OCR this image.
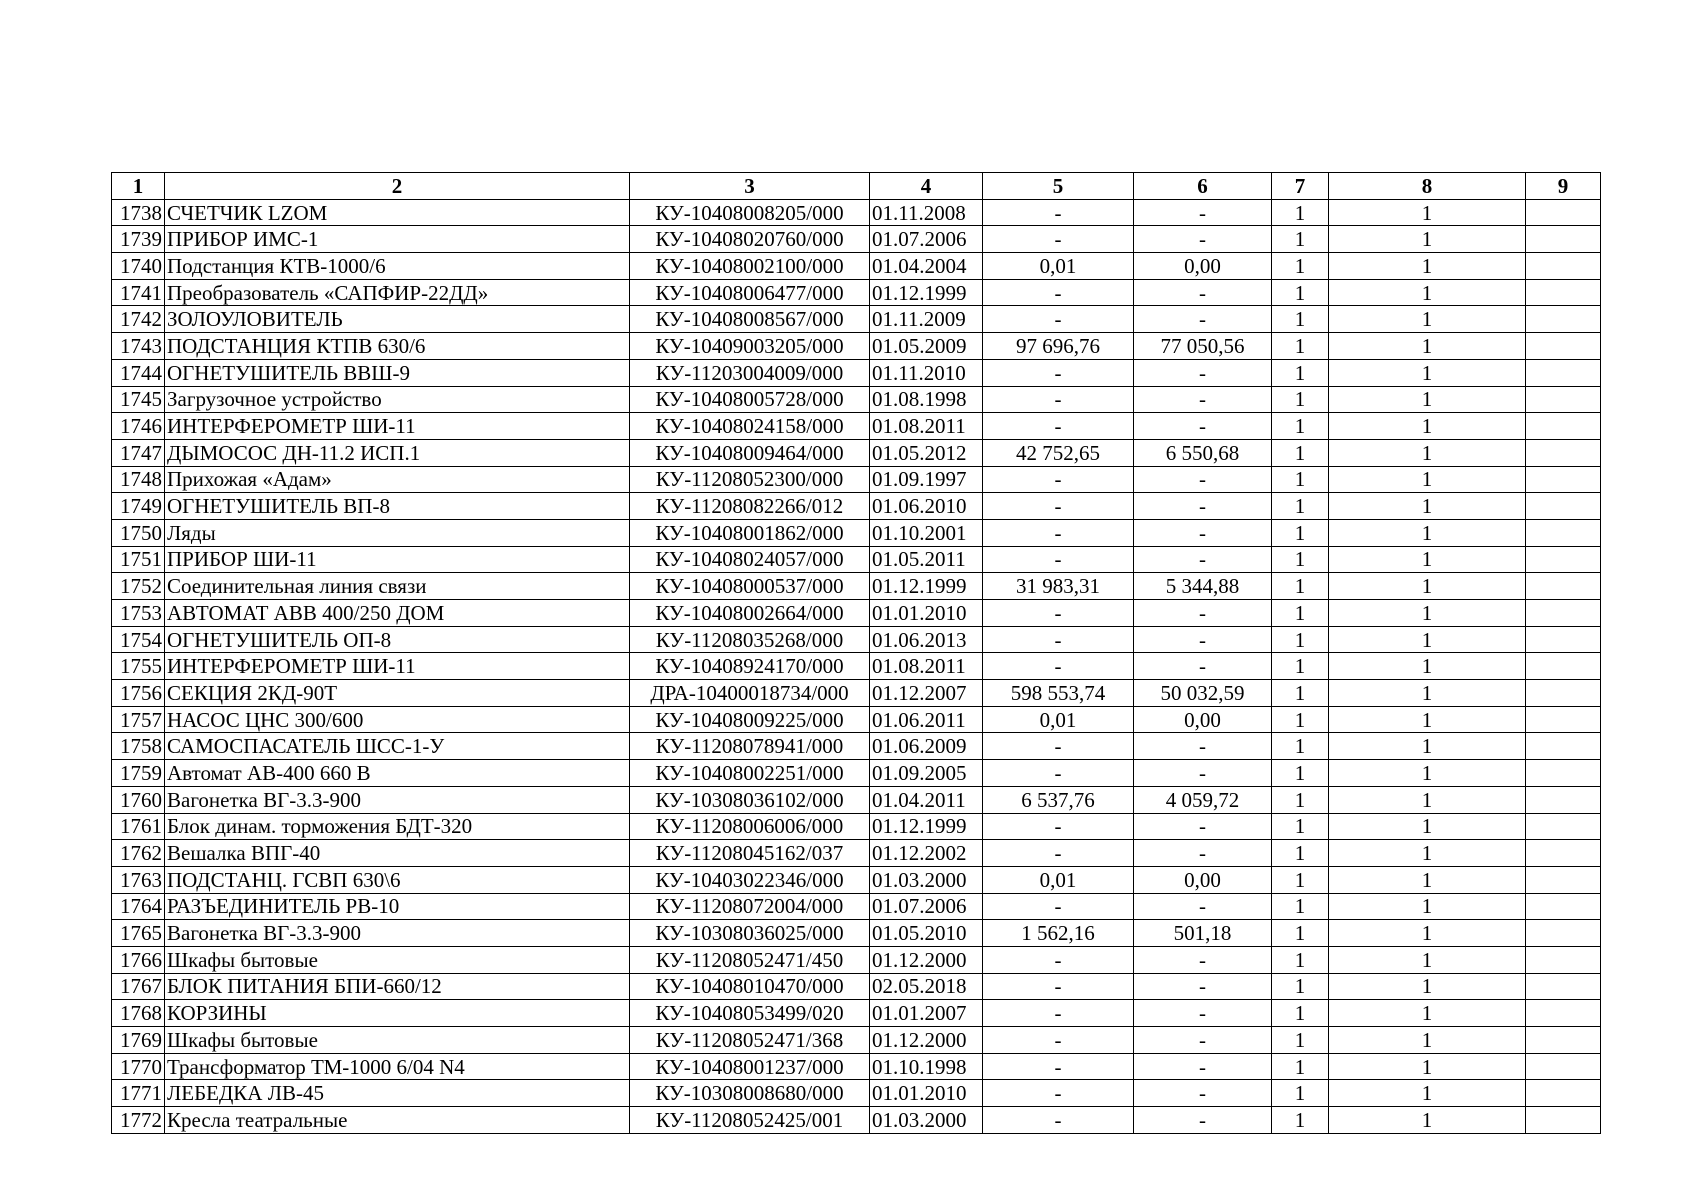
1	2	3	4	5	6	7	8	9
1738	СЧЕТЧИК LZOM	КУ-10408008205/000	01.11.2008	-	-	1	1	
1739	ПРИБОР ИМС-1	КУ-10408020760/000	01.07.2006	-	-	1	1	
1740	Подстанция КТВ-1000/6	КУ-10408002100/000	01.04.2004	0,01	0,00	1	1	
1741	Преобразователь «САПФИР-22ДД»	КУ-10408006477/000	01.12.1999	-	-	1	1	
1742	ЗОЛОУЛОВИТЕЛЬ	КУ-10408008567/000	01.11.2009	-	-	1	1	
1743	ПОДСТАНЦИЯ КТПВ 630/6	КУ-10409003205/000	01.05.2009	97 696,76	77 050,56	1	1	
1744	ОГНЕТУШИТЕЛЬ ВВШ-9	КУ-11203004009/000	01.11.2010	-	-	1	1	
1745	Загрузочное устройство	КУ-10408005728/000	01.08.1998	-	-	1	1	
1746	ИНТЕРФЕРОМЕТР ШИ-11	КУ-10408024158/000	01.08.2011	-	-	1	1	
1747	ДЫМОСОС ДН-11.2 ИСП.1	КУ-10408009464/000	01.05.2012	42 752,65	6 550,68	1	1	
1748	Прихожая «Адам»	КУ-11208052300/000	01.09.1997	-	-	1	1	
1749	ОГНЕТУШИТЕЛЬ ВП-8	КУ-11208082266/012	01.06.2010	-	-	1	1	
1750	Ляды	КУ-10408001862/000	01.10.2001	-	-	1	1	
1751	ПРИБОР ШИ-11	КУ-10408024057/000	01.05.2011	-	-	1	1	
1752	Соединительная линия связи	КУ-10408000537/000	01.12.1999	31 983,31	5 344,88	1	1	
1753	АВТОМАТ АВВ 400/250 ДОМ	КУ-10408002664/000	01.01.2010	-	-	1	1	
1754	ОГНЕТУШИТЕЛЬ ОП-8	КУ-11208035268/000	01.06.2013	-	-	1	1	
1755	ИНТЕРФЕРОМЕТР ШИ-11	КУ-10408924170/000	01.08.2011	-	-	1	1	
1756	СЕКЦИЯ 2КД-90Т	ДРА-10400018734/000	01.12.2007	598 553,74	50 032,59	1	1	
1757	НАСОС ЦНС 300/600	КУ-10408009225/000	01.06.2011	0,01	0,00	1	1	
1758	САМОСПАСАТЕЛЬ ШСС-1-У	КУ-11208078941/000	01.06.2009	-	-	1	1	
1759	Автомат АВ-400 660 В	КУ-10408002251/000	01.09.2005	-	-	1	1	
1760	Вагонетка ВГ-3.3-900	КУ-10308036102/000	01.04.2011	6 537,76	4 059,72	1	1	
1761	Блок динам. торможения БДТ-320	КУ-11208006006/000	01.12.1999	-	-	1	1	
1762	Вешалка ВПГ-40	КУ-11208045162/037	01.12.2002	-	-	1	1	
1763	ПОДСТАНЦ. ГСВП 630\6	КУ-10403022346/000	01.03.2000	0,01	0,00	1	1	
1764	РАЗЪЕДИНИТЕЛЬ РВ-10	КУ-11208072004/000	01.07.2006	-	-	1	1	
1765	Вагонетка ВГ-3.3-900	КУ-10308036025/000	01.05.2010	1 562,16	501,18	1	1	
1766	Шкафы бытовые	КУ-11208052471/450	01.12.2000	-	-	1	1	
1767	БЛОК ПИТАНИЯ БПИ-660/12	КУ-10408010470/000	02.05.2018	-	-	1	1	
1768	КОРЗИНЫ	КУ-10408053499/020	01.01.2007	-	-	1	1	
1769	Шкафы бытовые	КУ-11208052471/368	01.12.2000	-	-	1	1	
1770	Трансформатор ТМ-1000 6/04 N4	КУ-10408001237/000	01.10.1998	-	-	1	1	
1771	ЛЕБЕДКА ЛВ-45	КУ-10308008680/000	01.01.2010	-	-	1	1	
1772	Кресла театральные	КУ-11208052425/001	01.03.2000	-	-	1	1	
